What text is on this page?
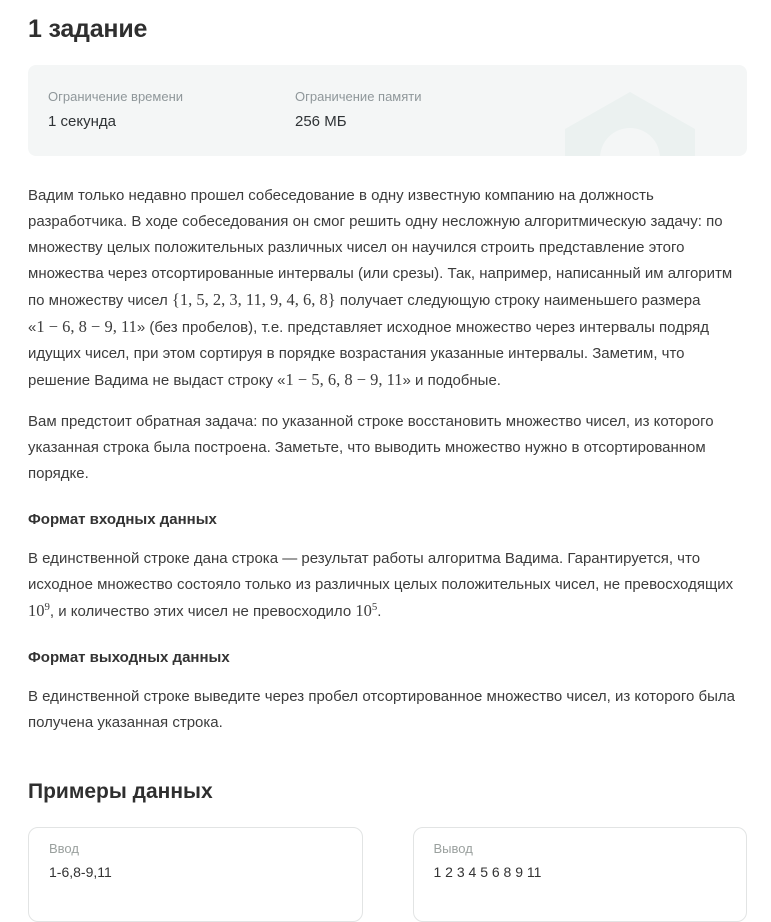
1 задание
Ограничение времени
1 секунда
Ограничение памяти
256 МБ

Вадим только недавно прошел собеседование в одну известную компанию на должность разработчика. В ходе собеседования он смог решить одну несложную алгоритмическую задачу: по множеству целых положительных различных чисел он научился строить представление этого множества через отсортированные интервалы (или срезы). Так, например, написанный им алгоритм по множеству чисел {1, 5, 2, 3, 11, 9, 4, 6, 8} получает следующую строку наименьшего размера «1 − 6, 8 − 9, 11» (без пробелов), т.е. представляет исходное множество через интервалы подряд идущих чисел, при этом сортируя в порядке возрастания указанные интервалы. Заметим, что решение Вадима не выдаст строку «1 − 5, 6, 8 − 9, 11» и подобные.

Вам предстоит обратная задача: по указанной строке восстановить множество чисел, из которого указанная строка была построена. Заметьте, что выводить множество нужно в отсортированном порядке.

Формат входных данных

В единственной строке дана строка — результат работы алгоритма Вадима. Гарантируется, что исходное множество состояло только из различных целых положительных чисел, не превосходящих $10^9$, и количество этих чисел не превосходило $10^5$.

Формат выходных данных

В единственной строке выведите через пробел отсортированное множество чисел, из которого была получена указанная строка.

Примеры данных
Ввод
1-6,8-9,11
Вывод
1 2 3 4 5 6 8 9 11
